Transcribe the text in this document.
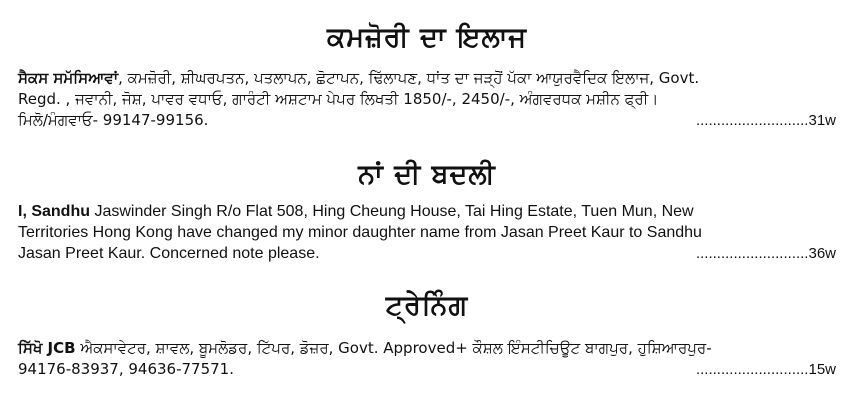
ਕਮਜ਼ੋਰੀ ਦਾ ਇਲਾਜ
ਸੈਕਸ ਸਮੱਸਿਆਵਾਂ, ਕਮਜ਼ੋਰੀ, ਸ਼ੀਘਰਪਤਨ, ਪਤਲਾਪਨ, ਛੋਟਾਪਨ, ਢਿੱਲਾਪਣ, ਧਾਂਤ ਦਾ ਜੜ੍ਹੋਂ ਪੱਕਾ ਆਯੁਰਵੈਦਿਕ ਇਲਾਜ, Govt.
Regd. , ਜਵਾਨੀ, ਜੋਸ਼, ਪਾਵਰ ਵਧਾਓ, ਗਾਰੰਟੀ ਅਸ਼ਟਾਮ ਪੇਪਰ ਲਿਖਤੀ 1850/-, 2450/-, ਅੰਗਵਰਧਕ ਮਸ਼ੀਨ ਫ੍ਰੀ।
ਮਿਲੋ/ਮੰਗਵਾਓ- 99147-99156.	...........................31w
ਨਾਂ ਦੀ ਬਦਲੀ
I, Sandhu Jaswinder Singh R/o Flat 508, Hing Cheung House, Tai Hing Estate, Tuen Mun, New
Territories Hong Kong have changed my minor daughter name from Jasan Preet Kaur to Sandhu
Jasan Preet Kaur. Concerned note please.	...........................36w
ਟ੍ਰੇਨਿੰਗ
ਸਿੱਖੋ JCB ਐਕਸਾਵੇਟਰ, ਸ਼ਾਵਲ, ਬੂਮਲੋਡਰ, ਟਿੱਪਰ, ਡੋਜ਼ਰ, Govt. Approved+ ਕੌਸ਼ਲ ਇੰਸਟੀਚਿਊਟ ਬਾਗਪੁਰ, ਹੁਸ਼ਿਆਰਪੁਰ-
94176-83937, 94636-77571.	...........................15w
